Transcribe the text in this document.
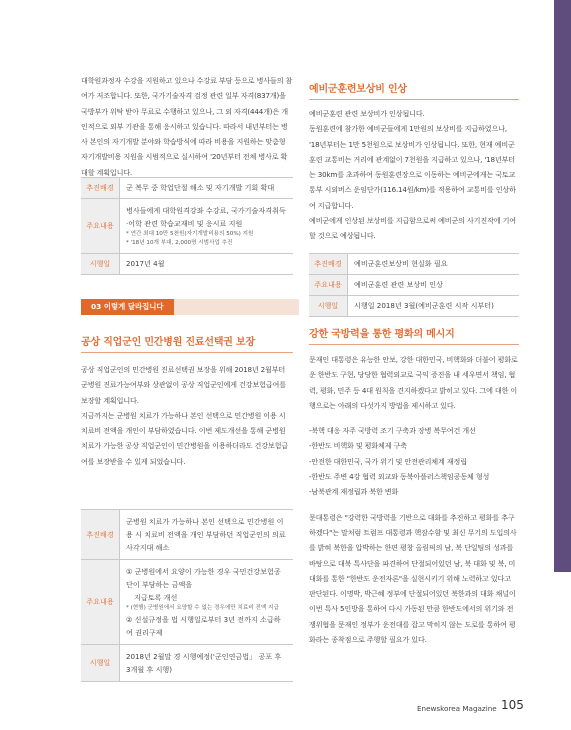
대학원과정자 수강을 지원하고 있으나 수강료 부담 등으로 병사들의 참여가 저조합니다. 또한, 국가기술자격 검정 관련 일부 자격(837개)을 국방부가 위탁 받아 무료로 수행하고 있으나, 그 외 자격(444개)은 개인적으로 외부 기관을 통해 응시하고 있습니다. 따라서 내년부터는 병사 본인의 자기개발 분야와 학습방식에 따라 비용을 지원하는 맞춤형 자기개발비용 지원을 시범적으로 실시하여 '20년부터 전체 병사로 확대할 계획입니다.

추진배경	군 복무 중 학업단절 해소 및 자기개발 기회 확대
주요내용	병사들에게 대학원격강좌 수강료, 국가기술자격취득·어학 관련 학습교재비 및 응시료 지원
* 연간 최대 10만 5천원(자기개발비용의 50%) 지원
* '18년 10개 부대, 2,000명 시범사업 추진

시행일	2017년 4월
03 이렇게 달라집니다

공상 직업군인 민간병원 진료선택권 보장

공상 직업군인의 민간병원 진료선택권 보장을 위해 2018년 2월부터 군병원 진료가능여부와 상관없이 공상 직업군인에게 건강보험급여를 보장할 계획입니다.

지금까지는 군병원 치료가 가능하나 본인 선택으로 민간병원 이용 시 치료비 전액을 개인이 부담하였습니다. 이번 제도개선을 통해 군병원 치료가 가능한 공상 직업군인이 민간병원을 이용하더라도 건강보험급여를 보장받을 수 있게 되었습니다.

추진배경	군병원 치료가 가능하나 본인 선택으로 민간병원 이용 시 치료비 전액을 개인 부담하던 직업군인의 의료 사각지대 해소
주요내용	① 군병원에서 요양이 가능한 경우 국민건강보험공단이 부담하는 금액을
지급토록 개선
* (현행) 군병원에서 요양할 수 없는 경우에만 치료비 전액 지급
② 신설규정을 법 시행일로부터 3년 전까지 소급하여 권리구제

시행일	2018년 2월말 경 시행예정('군인연금법」 공포 후 3개월 후 시행)

예비군훈련보상비 인상

예비군훈련 관련 보상비가 인상됩니다.

동원훈련에 참가한 예비군들에게 1만원의 보상비를 지급하였으나, '18년부터는 1만 5천원으로 보상비가 인상됩니다. 또한, 현재 예비군훈련 교통비는 거리에 관계없이 7천원을 지급하고 있으나, '18년부터는 30km를 초과하여 동원훈련장으로 이동하는 예비군에게는 국토교통부 시외버스 운임단가(116.14원/km)를 적용하여 교통비를 인상하여 지급합니다.

예비군에게 인상된 보상비를 지급함으로써 예비군의 사기진작에 기여할 것으로 예상됩니다.

추진배경	예비군훈련보상비 현실화 필요
주요내용	예비군훈련 관련 보상비 인상
시행일	시행일 2018년 3월(예비군훈련 시작 시부터)

강한 국방력을 통한 평화의 메시지

문재인 대통령은 유능한 안보, 강한 대한민국, 비핵화와 더불어 평화로운 한반도 구현, 당당한 협력외교로 국익 증진을 내 세우면서 책임, 협력, 평화, 민주 등 4대 원칙을 견지하겠다고 밝히고 있다. 그에 대한 이행으로는 아래의 다섯가지 방법을 제시하고 있다.

-북핵 대응 자주 국방력 조기 구축과 장병 복무여건 개선

-한반도 비핵화 및 평화체제 구축

-안전한 대한민국, 국가 위기 및 안전관리체계 재정립

-한반도 주변 4강 협력 외교와 동북아플러스책임공동체 형성

-남북관계 재정립과 북한 변화

문대통령은 "강력한 국방력을 기반으로 대화를 추진하고 평화를 추구하겠다"는 말처럼 트럼프 대통령과 핵잠수함 및 최신 무기의 도입의사를 밝혀 북한을 압박하는 한편 평창 올림픽의 남, 북 단일팀의 성과를 바탕으로 대북 특사단을 파견하여 단절되어있던 남, 북 대화 및 북, 미 대화를 통한 "한반도 운전자론"을 실현시키기 위해 노력하고 있다고 판단된다. 이명박, 박근혜 정부에 단절되어있던 북한과의 대화 채널이 이번 특사 5인방을 통하여 다시 가동된 만큼 한반도에서의 위기와 전쟁위협을 문재인 정부가 운전대를 잡고 막히지 않는 도로를 통하여 평화라는 종착점으로 주행할 필요가 있다.

Enewskorea Magazine 105
